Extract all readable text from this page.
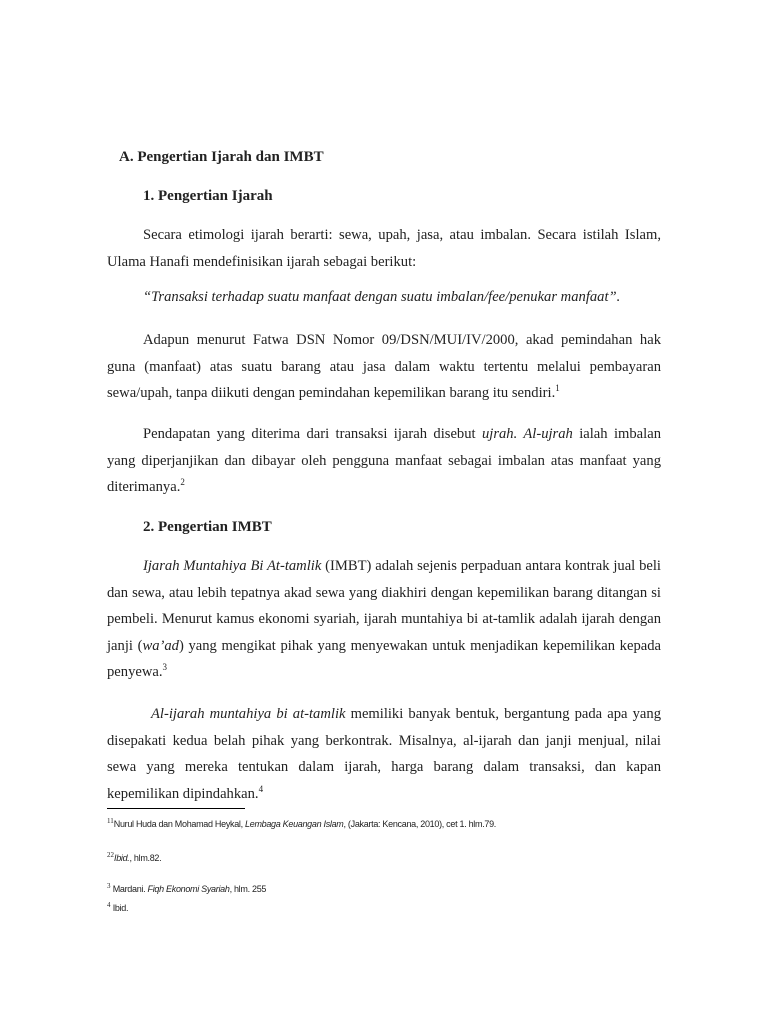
A. Pengertian Ijarah dan IMBT
1. Pengertian Ijarah

Secara etimologi ijarah berarti: sewa, upah, jasa, atau imbalan. Secara istilah Islam, Ulama Hanafi mendefinisikan ijarah sebagai berikut:

“Transaksi terhadap suatu manfaat dengan suatu imbalan/fee/penukar manfaat”.

Adapun menurut Fatwa DSN Nomor 09/DSN/MUI/IV/2000, akad pemindahan hak guna (manfaat) atas suatu barang atau jasa dalam waktu tertentu melalui pembayaran sewa/upah, tanpa diikuti dengan pemindahan kepemilikan barang itu sendiri.$^1$

Pendapatan yang diterima dari transaksi ijarah disebut ujrah. Al-ujrah ialah imbalan yang diperjanjikan dan dibayar oleh pengguna manfaat sebagai imbalan atas manfaat yang diterimanya.$^2$

2. Pengertian IMBT

Ijarah Muntahiya Bi At-tamlik (IMBT) adalah sejenis perpaduan antara kontrak jual beli dan sewa, atau lebih tepatnya akad sewa yang diakhiri dengan kepemilikan barang ditangan si pembeli. Menurut kamus ekonomi syariah, ijarah muntahiya bi at-tamlik adalah ijarah dengan janji (wa’ad) yang mengikat pihak yang menyewakan untuk menjadikan kepemilikan kepada penyewa.$^3$

Al-ijarah muntahiya bi at-tamlik memiliki banyak bentuk, bergantung pada apa yang disepakati kedua belah pihak yang berkontrak. Misalnya, al-ijarah dan janji menjual, nilai sewa yang mereka tentukan dalam ijarah, harga barang dalam transaksi, dan kapan kepemilikan dipindahkan.$^4$

$^{11}$Nurul Huda dan Mohamad Heykal, Lembaga Keuangan Islam, (Jakarta: Kencana, 2010), cet 1. hlm.79.
$^{22}$Ibid., hlm.82.
$^3$ Mardani. Fiqh Ekonomi Syariah, hlm. 255
$^4$ Ibid.
